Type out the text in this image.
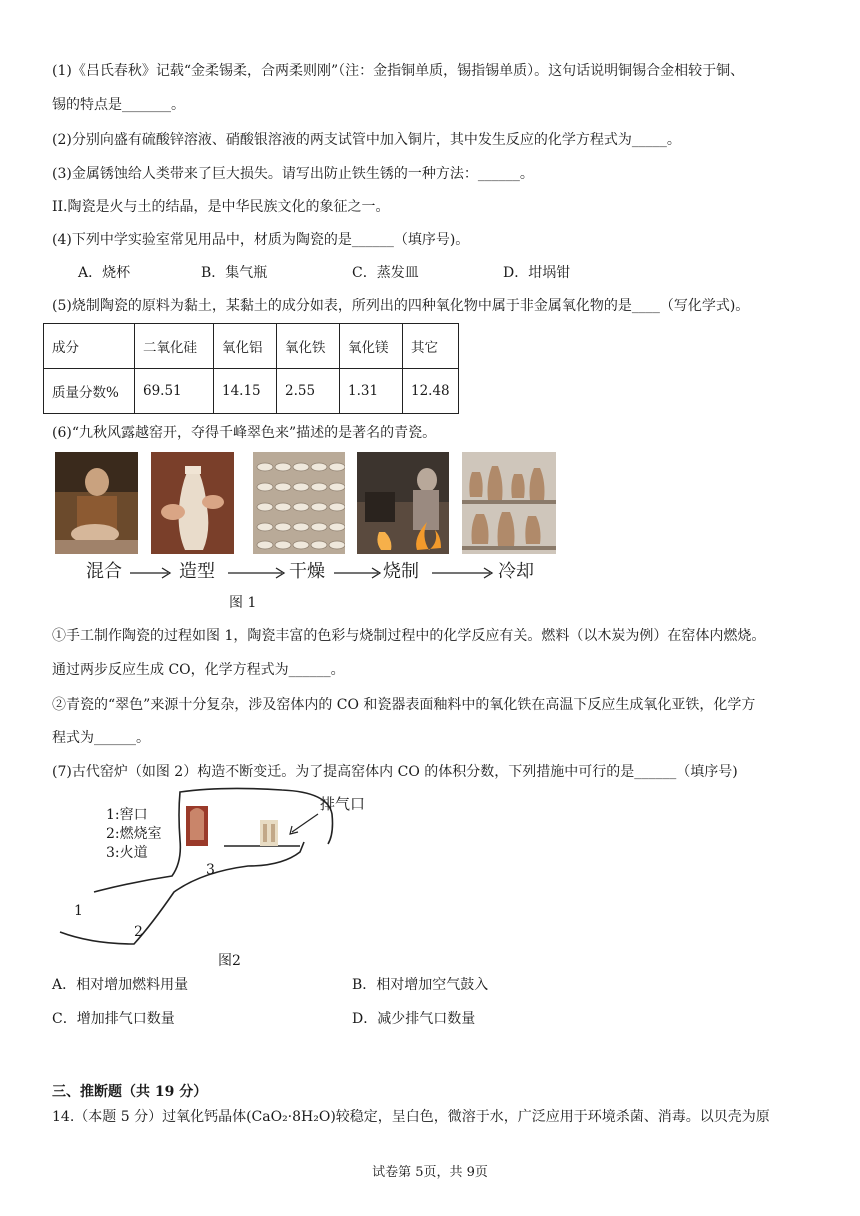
(1)《吕氏春秋》记载“金柔锡柔，合两柔则刚”（注：金指铜单质，锡指锡单质）。这句话说明铜锡合金相较于铜、
锡的特点是_______。
(2)分别向盛有硫酸锌溶液、硝酸银溶液的两支试管中加入铜片，其中发生反应的化学方程式为_____。
(3)金属锈蚀给人类带来了巨大损失。请写出防止铁生锈的一种方法：______。
II.陶瓷是火与土的结晶，是中华民族文化的象征之一。
(4)下列中学实验室常见用品中，材质为陶瓷的是______（填序号)。
A．烧杯	B．集气瓶	C．蒸发皿	D．坩埚钳
(5)烧制陶瓷的原料为黏土，某黏土的成分如表，所列出的四种氧化物中属于非金属氧化物的是____（写化学式)。
成分	二氧化硅	氧化铝	氧化铁	氧化镁	其它
质量分数%	69.51	14.15	2.55	1.31	12.48
(6)“九秋风露越窑开，夺得千峰翠色来”描述的是著名的青瓷。
混合	造型	干燥	烧制	冷却
图 1
①手工制作陶瓷的过程如图 1，陶瓷丰富的色彩与烧制过程中的化学反应有关。燃料（以木炭为例）在窑体内燃烧。
通过两步反应生成 CO，化学方程式为______。
②青瓷的“翠色”来源十分复杂，涉及窑体内的 CO 和瓷器表面釉料中的氧化铁在高温下反应生成氧化亚铁，化学方
程式为______。
(7)古代窑炉（如图 2）构造不断变迁。为了提高窑体内 CO 的体积分数，下列措施中可行的是______（填序号)
1:窖口
2:燃烧室
3:火道
排气口
1
2
3
图2
A．相对增加燃料用量	B．相对增加空气鼓入
C．增加排气口数量	D．减少排气口数量
三、推断题（共 19 分）
14.（本题 5 分）过氧化钙晶体(CaO₂·8H₂O)较稳定，呈白色，微溶于水，广泛应用于环境杀菌、消毒。以贝壳为原
试卷第 5页，共 9页
